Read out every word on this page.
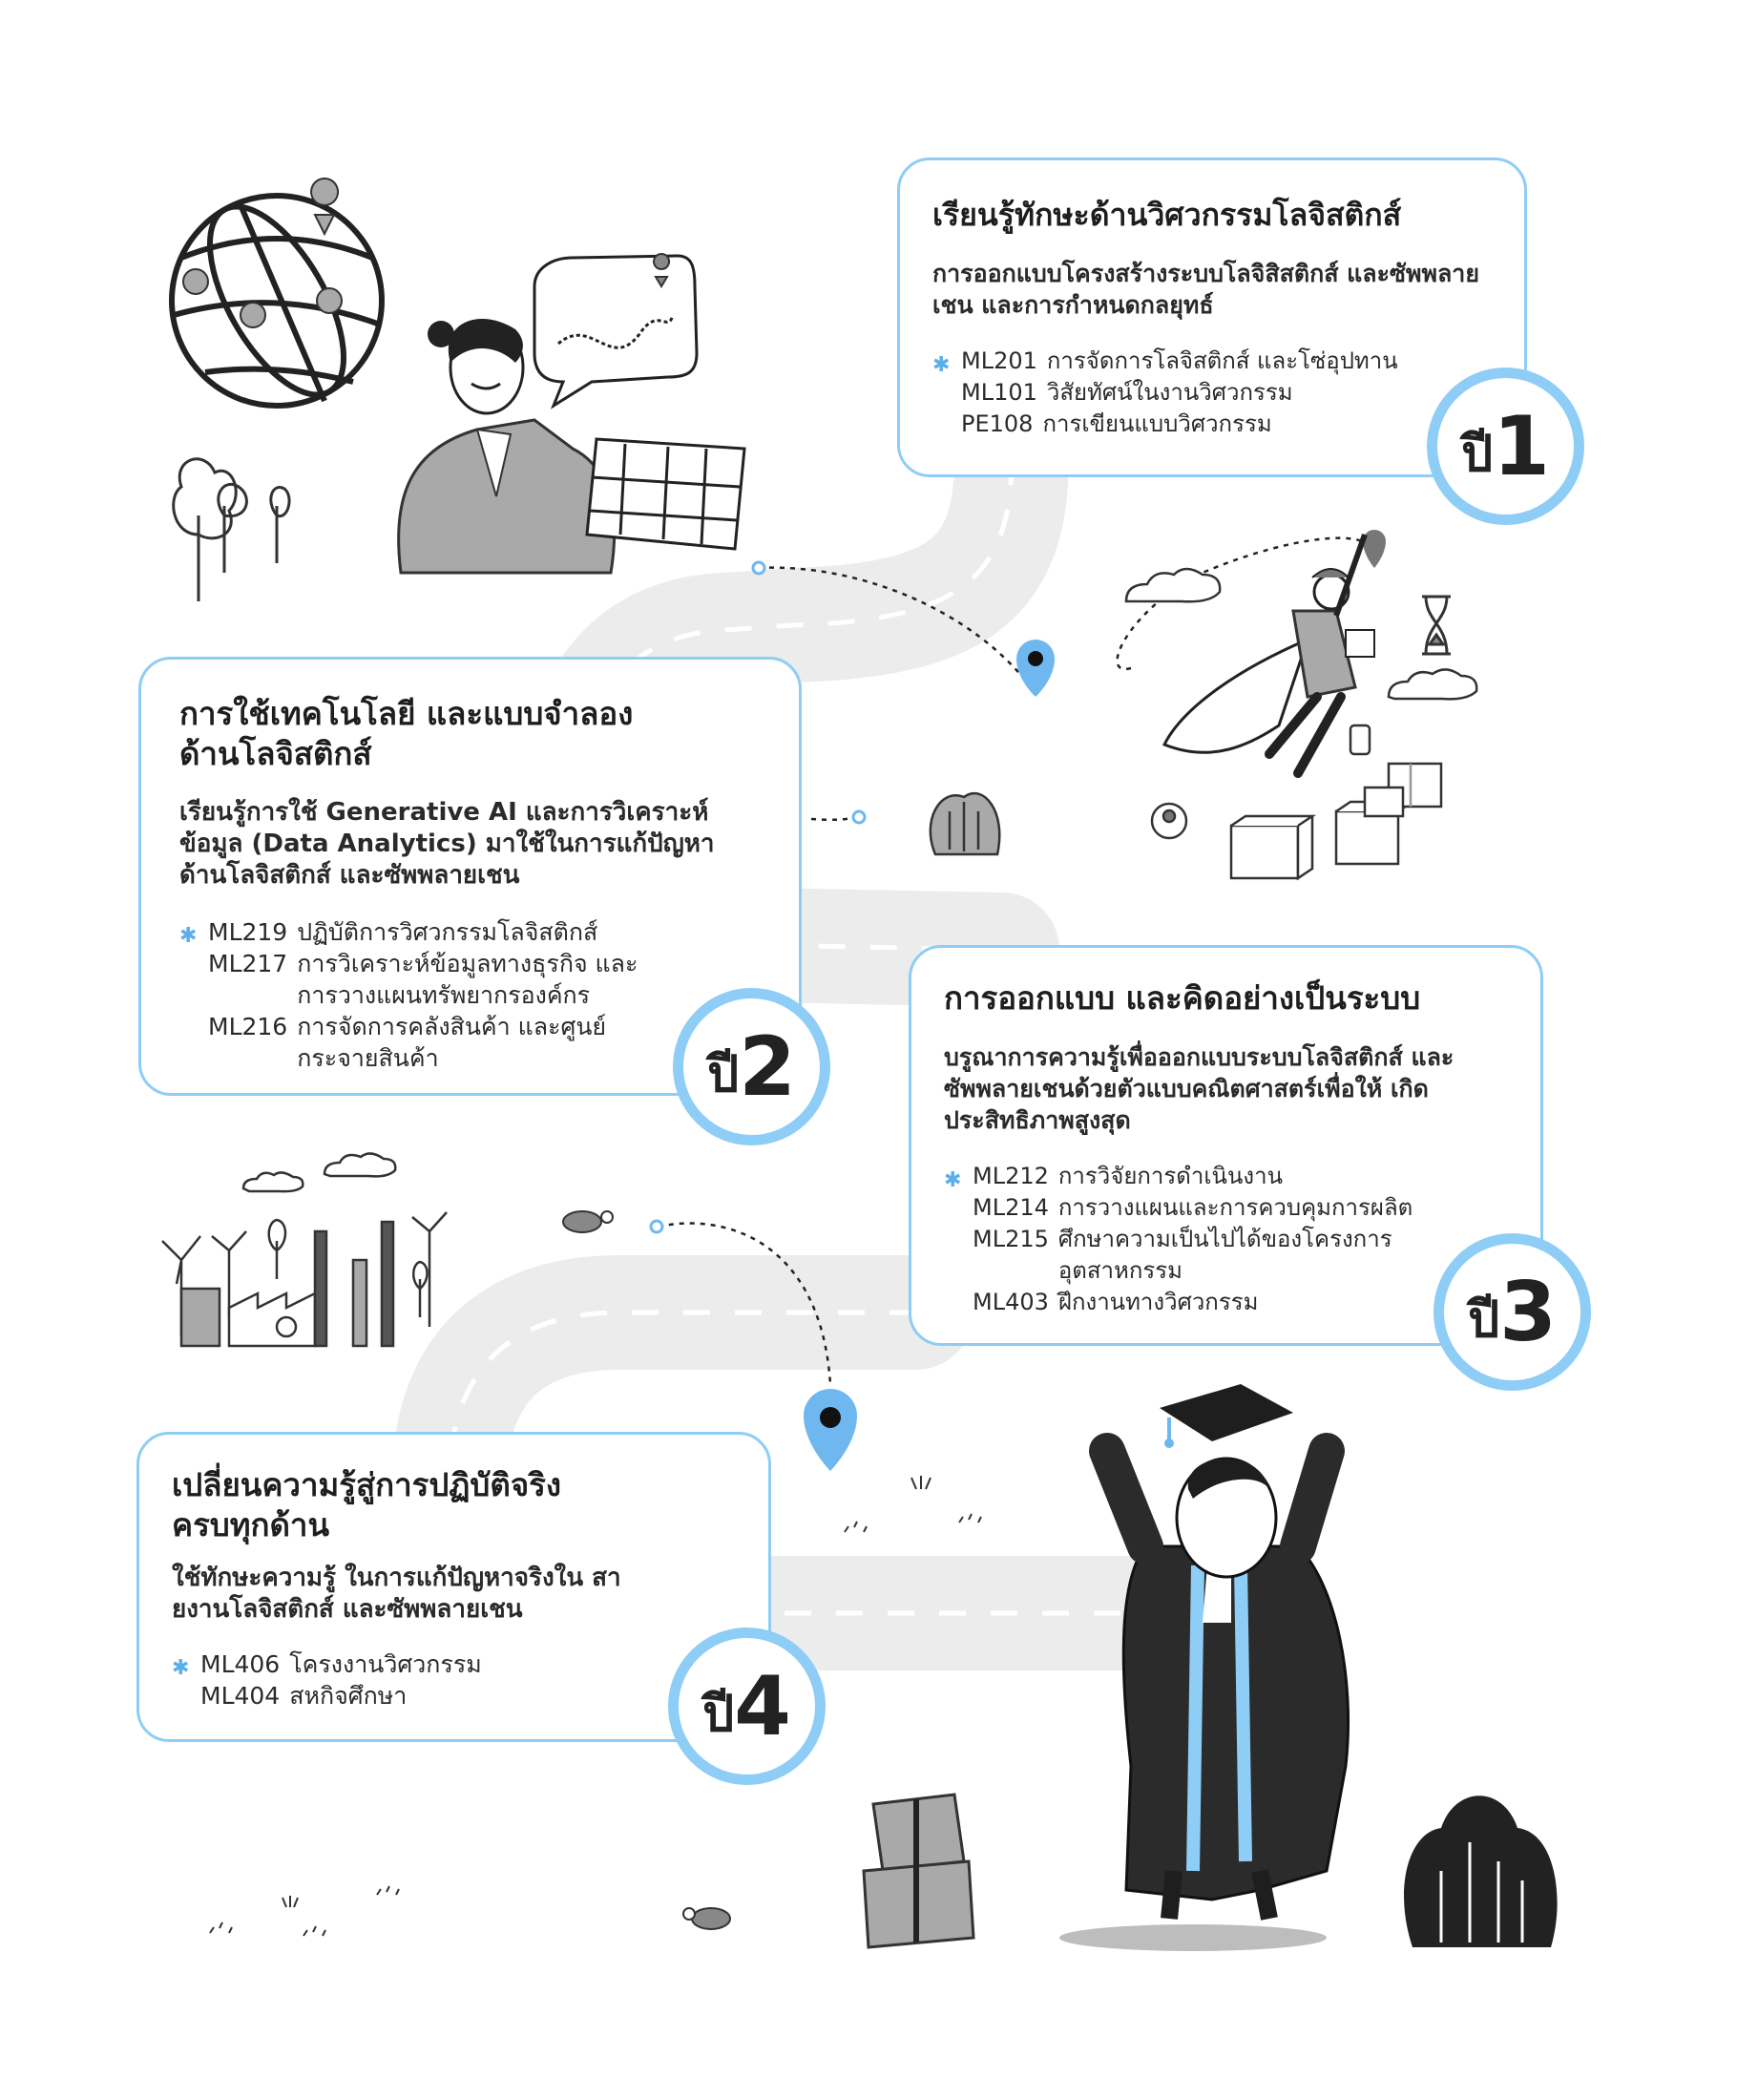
เรียนรู้ทักษะด้านวิศวกรรมโลจิสติกส์

การออกแบบโครงสร้างระบบโลจิสิสติกส์ และซัพพลายเชน และการกำหนดกลยุทธ์

✱ ML201 การจัดการโลจิสติกส์ และโซ่อุปทาน
ML101 วิสัยทัศน์ในงานวิศวกรรม
PE108 การเขียนแบบวิศวกรรม
ปี 1
การใช้เทคโนโลยี และแบบจำลอง ด้านโลจิสติกส์

เรียนรู้การใช้ Generative AI และการวิเคราะห์ข้อมูล (Data Analytics) มาใช้ในการแก้ปัญหาด้านโลจิสติกส์ และซัพพลายเชน

✱ ML219 ปฏิบัติการวิศวกรรมโลจิสติกส์
ML217 การวิเคราะห์ข้อมูลทางธุรกิจ และการวางแผนทรัพยากรองค์กร
ML216 การจัดการคลังสินค้า และศูนย์ กระจายสินค้า	ปี 2
การออกแบบ และคิดอย่างเป็นระบบ

บรูณาการความรู้เพื่อออกแบบระบบโลจิสติกส์ และซัพพลายเชนด้วยตัวแบบคณิตศาสตร์เพื่อให้ เกิดประสิทธิภาพสูงสุด

✱ ML212 การวิจัยการดำเนินงาน
ML214 การวางแผนและการควบคุมการผลิต
ML215 ศึกษาความเป็นไปได้ของโครงการ อุตสาหกรรม
ML403 ฝึกงานทางวิศวกรรม	ปี 3
เปลี่ยนความรู้สู่การปฏิบัติจริง ครบทุกด้าน

ใช้ทักษะความรู้ ในการแก้ปัญหาจริงใน สายงานโลจิสติกส์ และซัพพลายเชน

✱ ML406 โครงงานวิศวกรรม
ML404 สหกิจศึกษา	ปี 4
